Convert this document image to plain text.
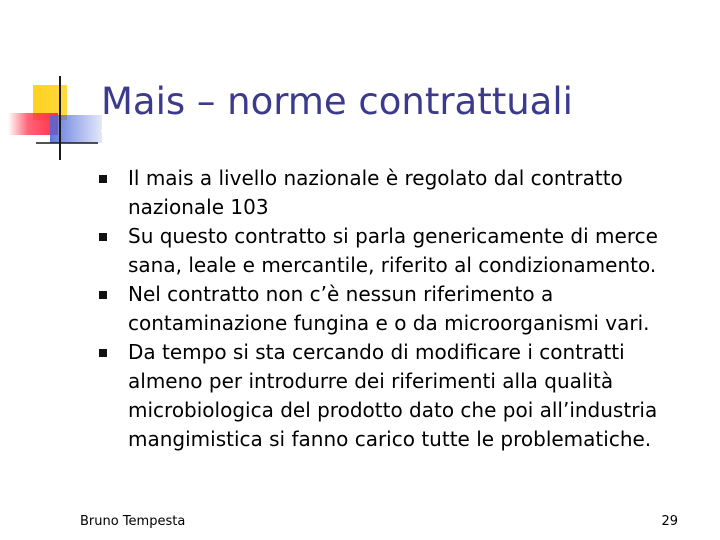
Mais – norme contrattuali
Il mais a livello nazionale è regolato dal contratto
nazionale 103
Su questo contratto si parla genericamente di merce
sana, leale e mercantile, riferito al condizionamento.
Nel contratto non c’è nessun riferimento a
contaminazione fungina e o da microorganismi vari.
Da tempo si sta cercando di modificare i contratti
almeno per introdurre dei riferimenti alla qualità
microbiologica del prodotto dato che poi all’industria
mangimistica si fanno carico tutte le problematiche.
Bruno Tempesta	29
